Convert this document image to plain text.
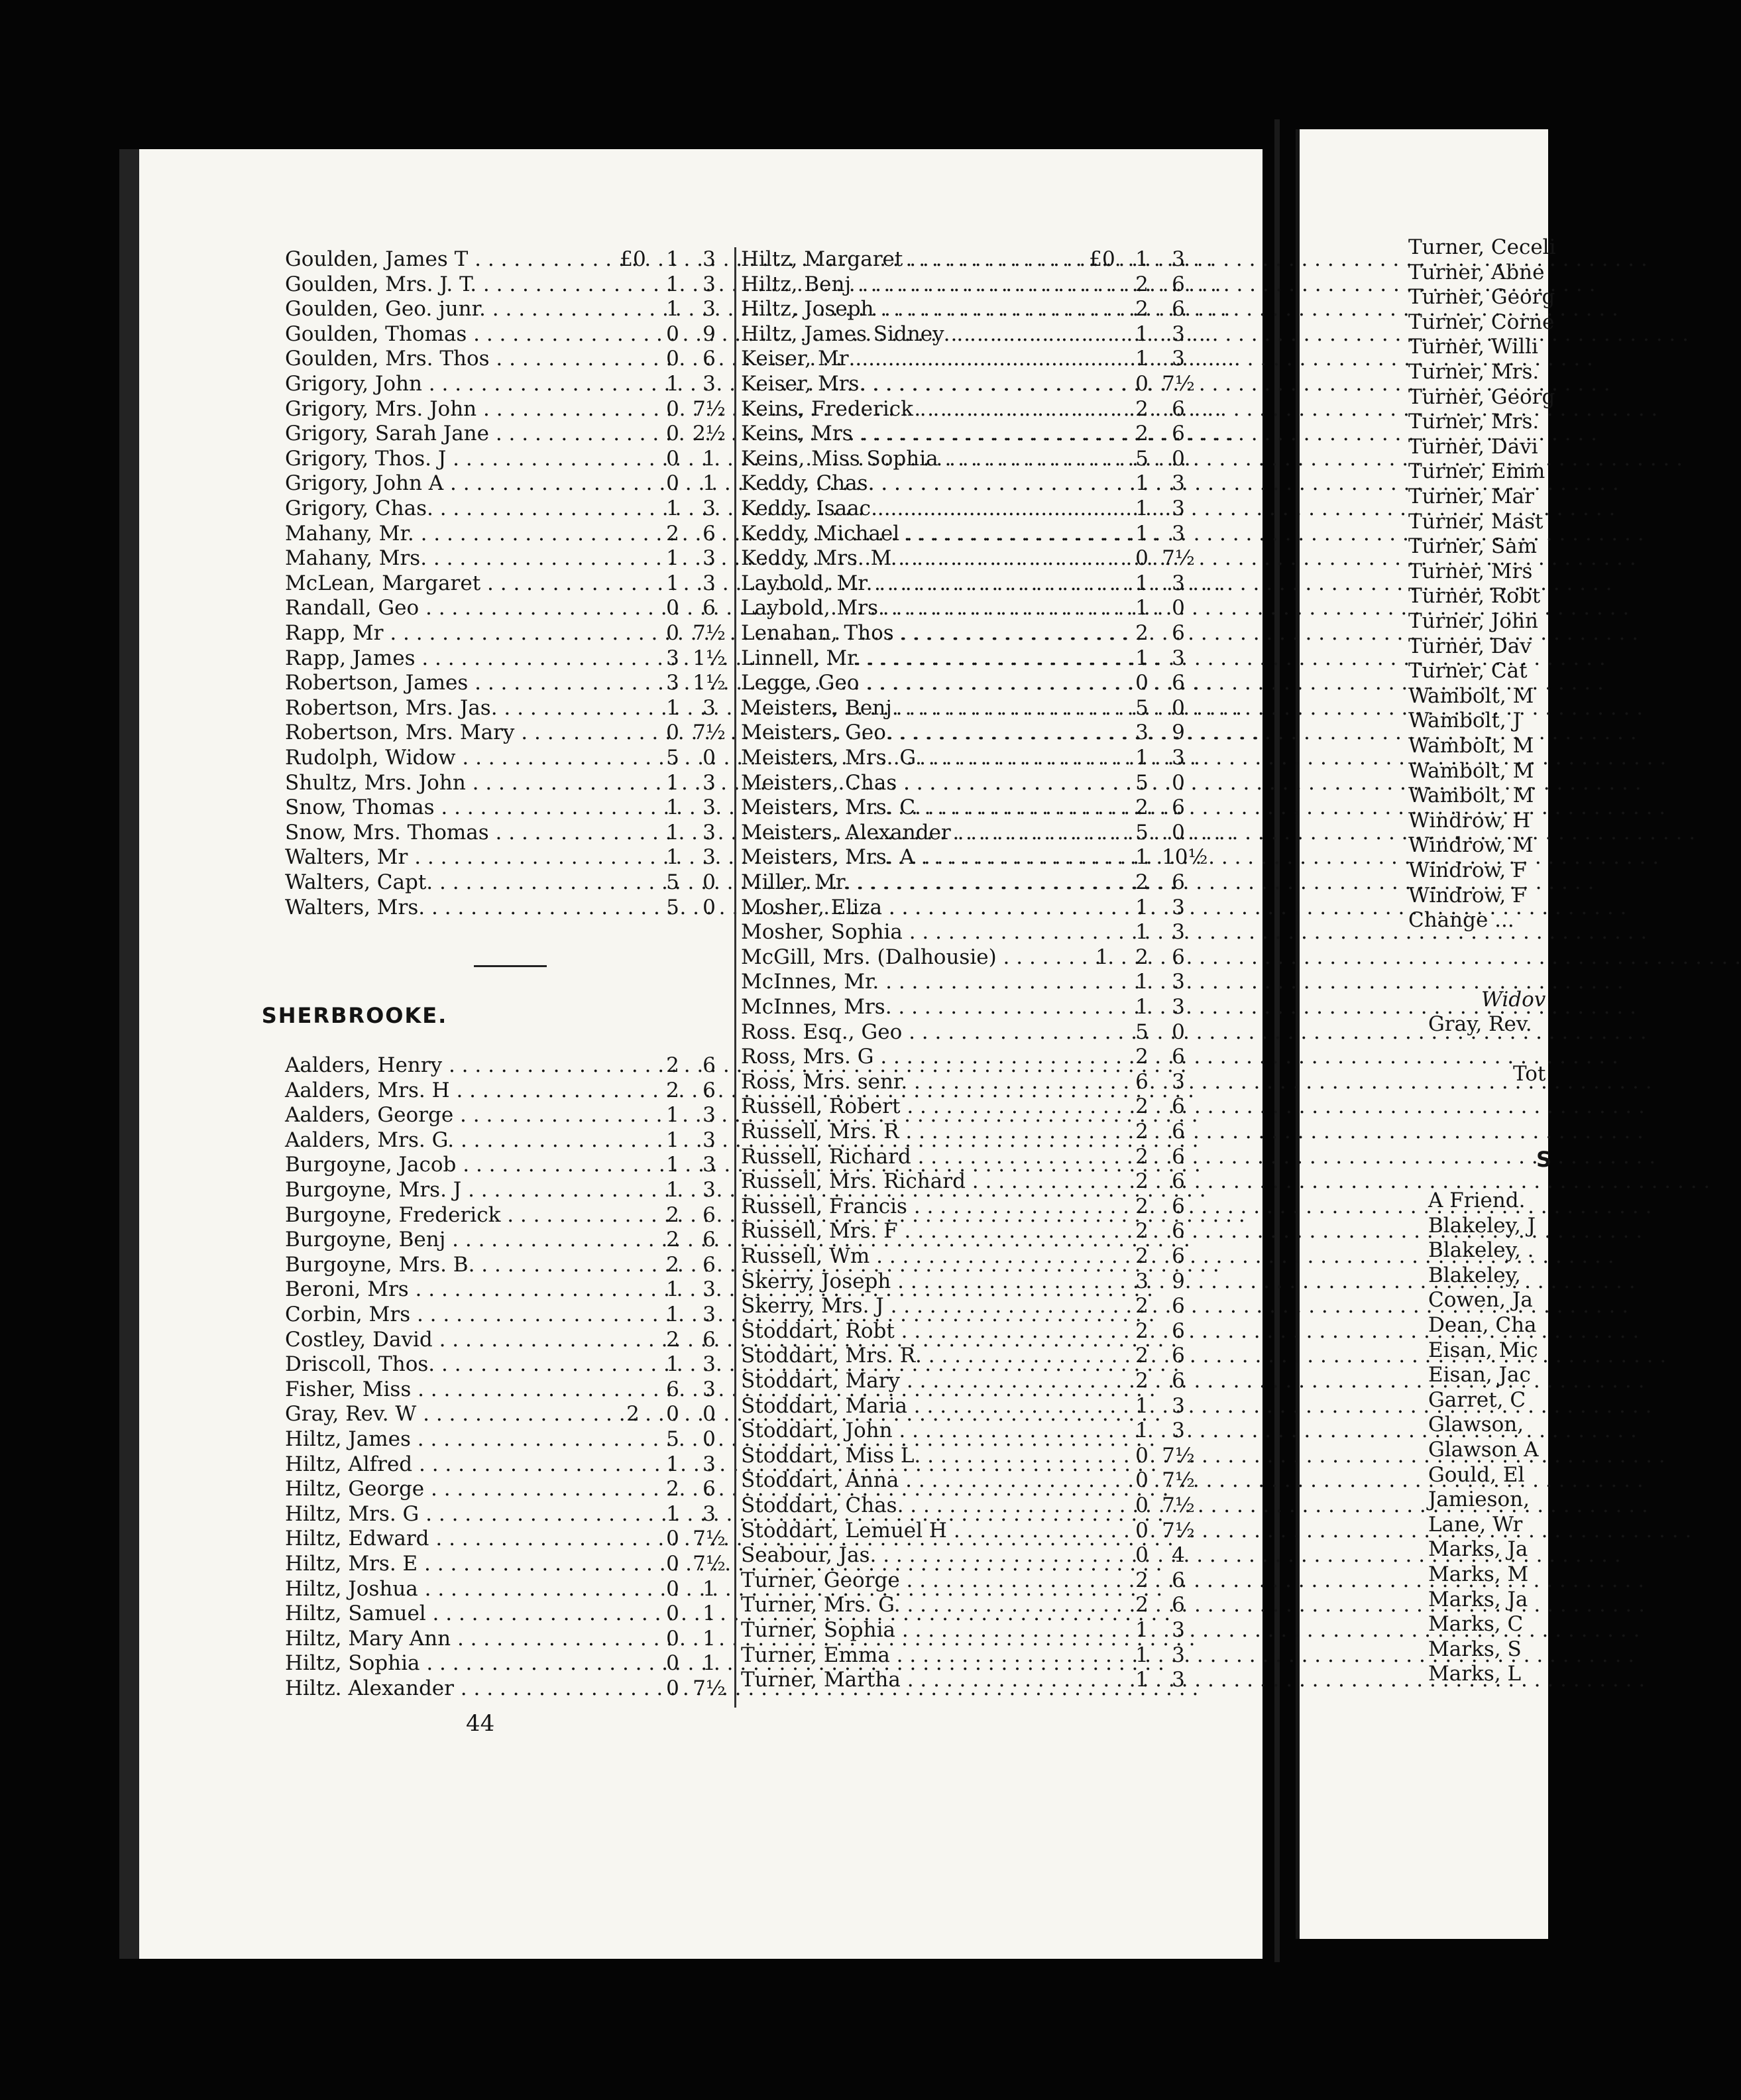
Goulden, James T . . .	£0 1	3
Goulden, Mrs. J. T. . . .	1	3
Goulden, Geo. junr. . . .	1	3
Goulden, Thomas . . .	0	9
Goulden, Mrs. Thos . . .	0	6
Grigory, John . . .	1	3
Grigory, Mrs. John . . .	0 7½
Grigory, Sarah Jane . . .	0 2½
Grigory, Thos. J . . .	0	1
Grigory, John A . . .	0	1
Grigory, Chas. . . .	1	3
Mahany, Mr. . . .	2	6
Mahany, Mrs. . . .	1	3
McLean, Margaret . . .	1	3
Randall, Geo . . .	0	6
Rapp, Mr . . .	0 7½
Rapp, James . . .	3 1½
Robertson, James . . .	3 1½
Robertson, Mrs. Jas. . . .	1	3
Robertson, Mrs. Mary . . .	0 7½
Rudolph, Widow . . .	5	0
Shultz, Mrs. John . . .	1	3
Snow, Thomas . . .	1	3
Snow, Mrs. Thomas . . .	1	3
Walters, Mr . . .	1	3
Walters, Capt. . . .	5	0
Walters, Mrs. . . .	5	0
SHERBROOKE.
Aalders, Henry . . .	2	6
Aalders, Mrs. H . . .	2	6
Aalders, George . . .	1	3
Aalders, Mrs. G. . . .	1	3
Burgoyne, Jacob . . .	1	3
Burgoyne, Mrs. J . . .	1	3
Burgoyne, Frederick . . .	2	6
Burgoyne, Benj . . .	2	6
Burgoyne, Mrs. B. . . .	2	6
Beroni, Mrs . . .	1	3
Corbin, Mrs . . .	1	3
Costley, David . . .	2	6
Driscoll, Thos. . . .	1	3
Fisher, Miss . . .	6	3
Gray, Rev. W . . .	2	0	0
Hiltz, James . . .	5	0
Hiltz, Alfred . . .	1	3
Hiltz, George . . .	2	6
Hiltz, Mrs. G . . .	1	3
Hiltz, Edward . . .	0 7½
Hiltz, Mrs. E . . .	0 7½
Hiltz, Joshua . . .	0	1
Hiltz, Samuel . . .	0	1
Hiltz, Mary Ann . . .	0	1
Hiltz, Sophia . . .	0	1
Hiltz. Alexander . . .	0 7½
Hiltz, Margaret . . .	£0 1	3
Hiltz, Benj . . .	2	6
Hiltz, Joseph . . .	2	6
Hiltz, James Sidney . . .	1	3
Keiser, Mr . . .	1	3
Keiser, Mrs. . . .	0 7½
Keins, Frederick . . .	2	6
Keins, Mrs . . .	2	6
Keins, Miss Sophia . . .	5	0
Keddy, Chas. . . .	1	3
Keddy, Isaac . . .	1	3
Keddy, Michael . . .	1	3
Keddy, Mrs. M . . .	0 7½
Laybold, Mr . . .	1	3
Laybold, Mrs. . . .	1	0
Lenahan, Thos . . .	2	6
Linnell, Mr. . . .	1	3
Legge, Geo . . .	0	6
Meisters, Benj. . . .	5	0
Meisters, Geo. . . .	3	9
Meisters, Mrs. G. . . .	1	3
Meisters, Chas . . .	5	0
Meisters, Mrs. C. . . .	2	6
Meisters, Alexander . . .	5	0
Meisters, Mrs. A . . .	1 10½
Miller, Mr. . . .	2	6
Mosher, Eliza . . .	1	3
Mosher, Sophia . . .	1	3
McGill, Mrs. (Dalhousie) . . .	1	2	6
McInnes, Mr. . . .	1	3
McInnes, Mrs. . . .	1	3
Ross. Esq., Geo . . .	5	0
Ross, Mrs. G . . .	2	6
Ross, Mrs. senr. . . .	6	3
Russell, Robert . . .	2	6
Russell, Mrs. R . . .	2	6
Russell, Richard . . .	2	6
Russell, Mrs. Richard . . .	2	6
Russell, Francis . . .	2	6
Russell, Mrs. F . . .	2	6
Russell, Wm . . .	2	6
Skerry, Joseph . . .	3	9
Skerry, Mrs. J . . .	2	6
Stoddart, Robt . . .	2	6
Stoddart, Mrs. R. . . .	2	6
Stoddart, Mary . . .	2	6
Stoddart, Maria . . .	1	3
Stoddart, John . . .	1	3
Stoddart, Miss L. . . .	0 7½
Stoddart, Anna . . .	0 7½
Stoddart, Chas. . . .	0 7½
Stoddart, Lemuel H . . .	0 7½
Seabour, Jas. . . .	0	4
Turner, George . . .	2	6
Turner, Mrs. G. . . .	2	6
Turner, Sophia . . .	1	3
Turner, Emma . . .	1	3
Turner, Martha . . .	1	3
44
Turner, Ceceli
Turner, Abne
Turner, Georg
Turner, Corne
Turner, Willi
Turner, Mrs.
Turner, Georg
Turner, Mrs.
Turner, Davi
Turner, Emm
Turner, Mar
Turner, Mast
Turner, Sam
Turner, Mrs
Turner, Robt
Turner, John
Turner, Dav
Turner, Cat
Wambolt, M
Wambolt, J
Wambolt, M
Wambolt, M
Wambolt, M
Windrow, H
Windrow, M
Windrow, F
Windrow, F
Change ...
Widov
Gray, Rev.
Tot
S
A Friend.
Blakeley, J
Blakeley, .
Blakeley,
Cowen, Ja
Dean, Cha
Eisan, Mic
Eisan, Jac
Garret, C
Glawson,
Glawson A
Gould, El
Jamieson,
Lane, Wr
Marks, Ja
Marks, M
Marks, Ja
Marks, C
Marks, S
Marks, L
